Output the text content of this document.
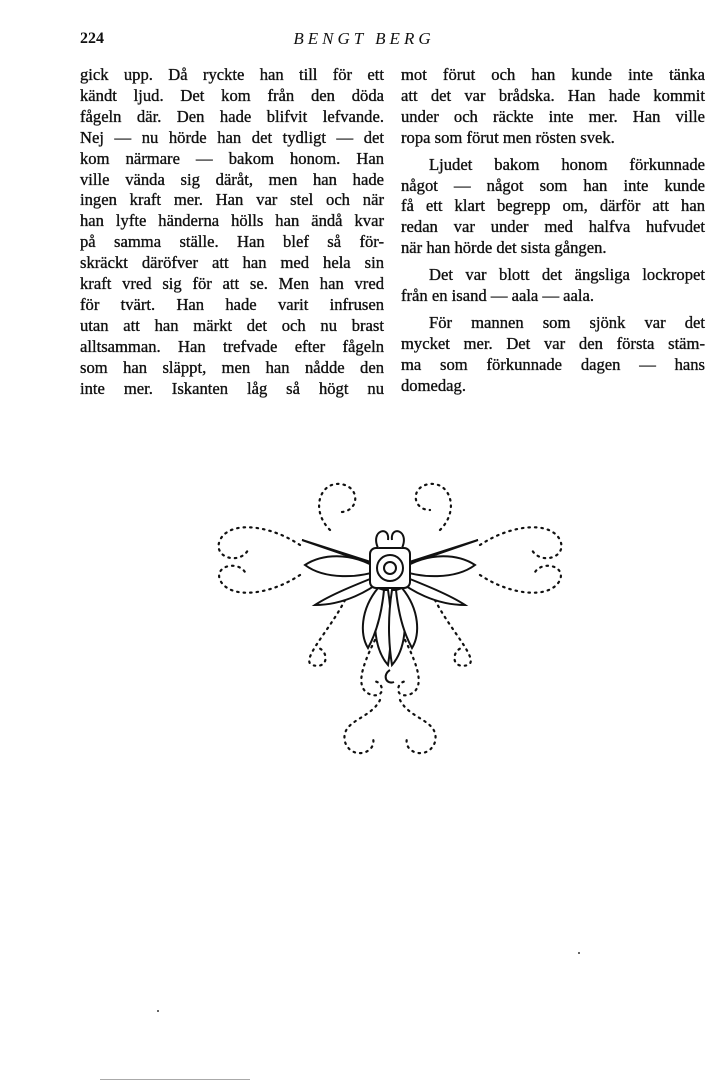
224	BENGT BERG
gick upp. Då ryckte han till för ett
kändt ljud. Det kom från den döda
fågeln där. Den hade blifvit lefvande.
Nej — nu hörde han det tydligt — det
kom närmare — bakom honom. Han
ville vända sig däråt, men han hade
ingen kraft mer. Han var stel och när
han lyfte händerna hölls han ändå kvar
på samma ställe. Han blef så för-
skräckt däröfver att han med hela sin
kraft vred sig för att se. Men han vred
för tvärt. Han hade varit infrusen
utan att han märkt det och nu brast
alltsamman. Han trefvade efter fågeln
som han släppt, men han nådde den
inte mer. Iskanten låg så högt nu
mot förut och han kunde inte tänka
att det var brådska. Han hade kommit
under och räckte inte mer. Han ville
ropa som förut men rösten svek.
Ljudet bakom honom förkunnade
något — något som han inte kunde
få ett klart begrepp om, därför att han
redan var under med halfva hufvudet
när han hörde det sista gången.
Det var blott det ängsliga lockropet
från en isand — aala — aala.
För mannen som sjönk var det
mycket mer. Det var den första stäm-
ma som förkunnade dagen — hans
domedag.
